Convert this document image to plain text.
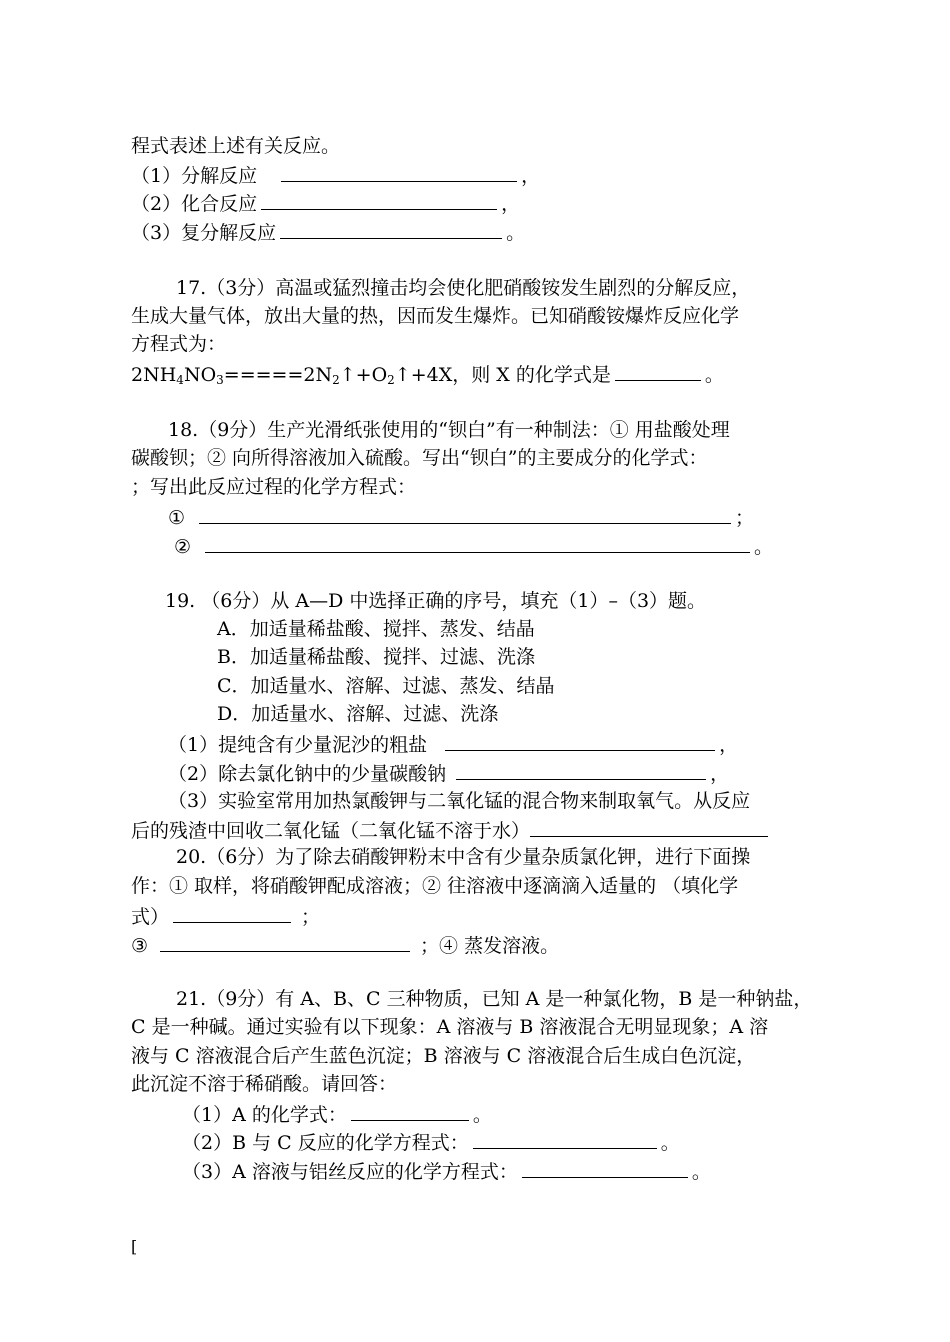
程式表述上述有关反应。
（1）分解反应	，
（2）化合反应	，
（3）复分解反应	。
17.（3分）高温或猛烈撞击均会使化肥硝酸铵发生剧烈的分解反应，
生成大量气体，放出大量的热，因而发生爆炸。已知硝酸铵爆炸反应化学
方程式为：
$2NH_4NO_3=====2N_2↑+O_2↑+4X$，则 X 的化学式是	。
18.（9分）生产光滑纸张使用的“钡白”有一种制法：① 用盐酸处理
碳酸钡；② 向所得溶液加入硫酸。写出“钡白”的主要成分的化学式：
；写出此反应过程的化学方程式：
①	；
②	。
19. （6分）从 A—D 中选择正确的序号，填充（1）–（3）题。
A．加适量稀盐酸、搅拌、蒸发、结晶
B．加适量稀盐酸、搅拌、过滤、洗涤
C．加适量水、溶解、过滤、蒸发、结晶
D．加适量水、溶解、过滤、洗涤
（1）提纯含有少量泥沙的粗盐	，
（2）除去氯化钠中的少量碳酸钠	，
（3）实验室常用加热氯酸钾与二氧化锰的混合物来制取氧气。从反应
后的残渣中回收二氧化锰（二氧化锰不溶于水）
20.（6分）为了除去硝酸钾粉末中含有少量杂质氯化钾，进行下面操
作：① 取样，将硝酸钾配成溶液；② 往溶液中逐滴滴入适量的 （填化学
式）	；
③	；④ 蒸发溶液。
21.（9分）有 A、B、C 三种物质，已知 A 是一种氯化物，B 是一种钠盐，
C 是一种碱。通过实验有以下现象：A 溶液与 B 溶液混合无明显现象；A 溶
液与 C 溶液混合后产生蓝色沉淀；B 溶液与 C 溶液混合后生成白色沉淀，
此沉淀不溶于稀硝酸。请回答：
（1）A 的化学式：	。
（2）B 与 C 反应的化学方程式：	。
（3）A 溶液与铝丝反应的化学方程式：	。
[
